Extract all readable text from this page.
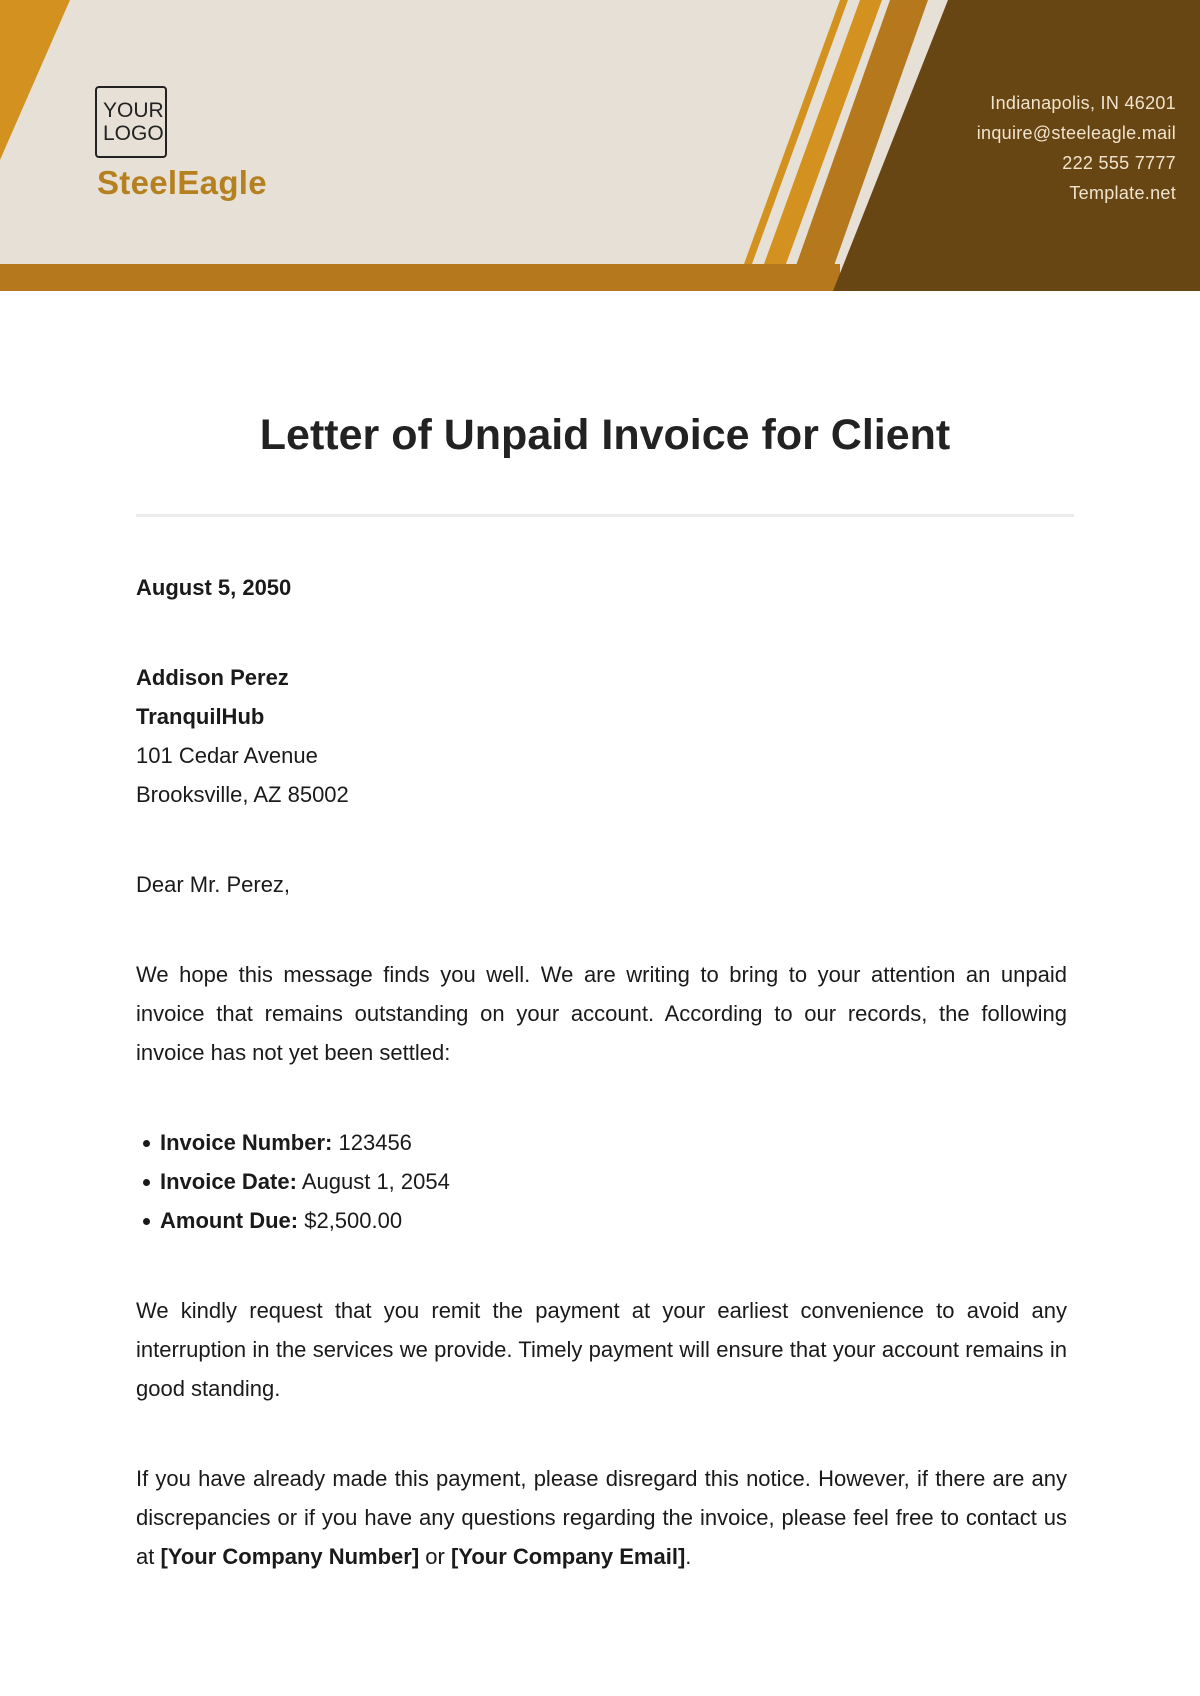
YOUR
LOGO
SteelEagle
Indianapolis, IN 46201
inquire@steeleagle.mail
222 555 7777
Template.net
Letter of Unpaid Invoice for Client

August 5, 2050

Addison Perez

TranquilHub

101 Cedar Avenue

Brooksville, AZ 85002

Dear Mr. Perez,

We hope this message finds you well. We are writing to bring to your attention an unpaid invoice that remains outstanding on your account. According to our records, the following invoice has not yet been settled:

Invoice Number: 123456
Invoice Date: August 1, 2054
Amount Due: $2,500.00

We kindly request that you remit the payment at your earliest convenience to avoid any interruption in the services we provide. Timely payment will ensure that your account remains in good standing.

If you have already made this payment, please disregard this notice. However, if there are any discrepancies or if you have any questions regarding the invoice, please feel free to contact us at [Your Company Number] or [Your Company Email].
